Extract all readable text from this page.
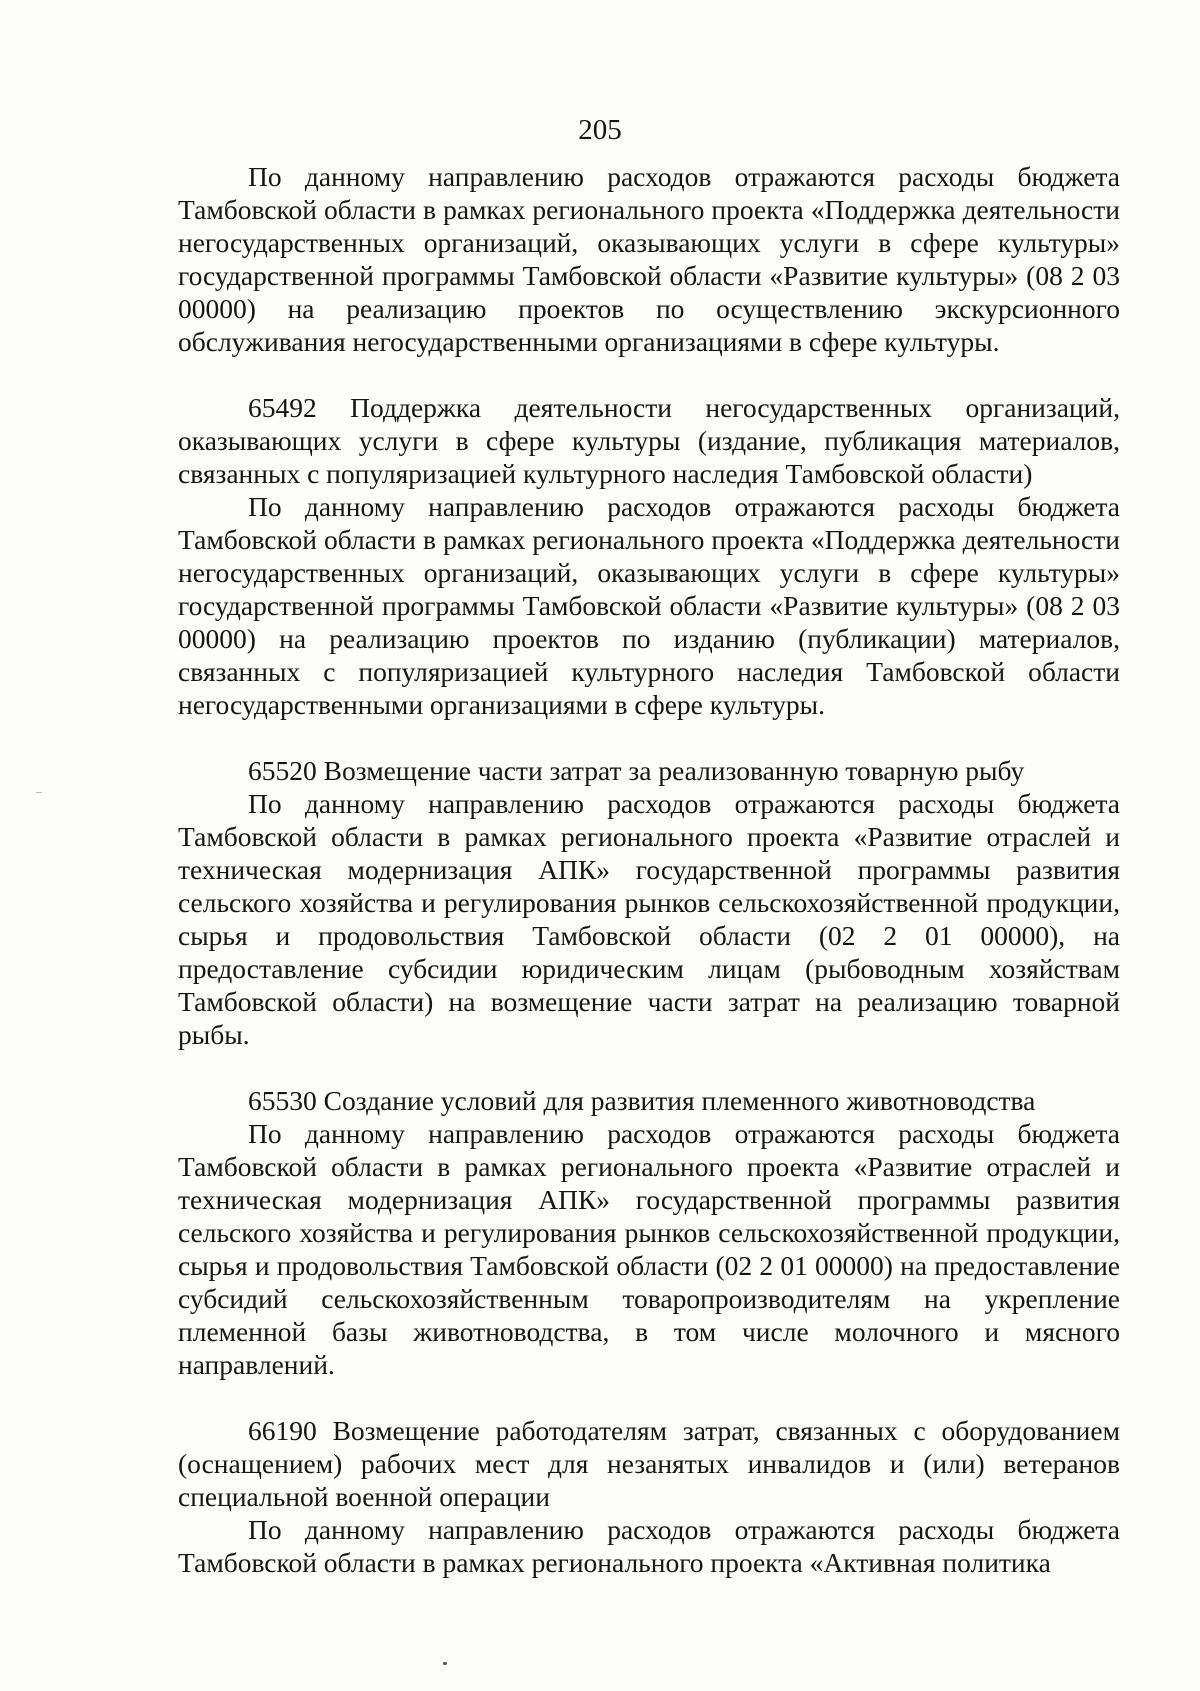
205

По данному направлению расходов отражаются расходы бюджета Тамбовской области в рамках регионального проекта «Поддержка деятельности негосударственных организаций, оказывающих услуги в сфере культуры» государственной программы Тамбовской области «Развитие культуры» (08 2 03 00000) на реализацию проектов по осуществлению экскурсионного обслуживания негосударственными организациями в сфере культуры.

65492 Поддержка деятельности негосударственных организаций, оказывающих услуги в сфере культуры (издание, публикация материалов, связанных с популяризацией культурного наследия Тамбовской области)

По данному направлению расходов отражаются расходы бюджета Тамбовской области в рамках регионального проекта «Поддержка деятельности негосударственных организаций, оказывающих услуги в сфере культуры» государственной программы Тамбовской области «Развитие культуры» (08 2 03 00000) на реализацию проектов по изданию (публикации) материалов, связанных с популяризацией культурного наследия Тамбовской области негосударственными организациями в сфере культуры.

65520 Возмещение части затрат за реализованную товарную рыбу

По данному направлению расходов отражаются расходы бюджета Тамбовской области в рамках регионального проекта «Развитие отраслей и техническая модернизация АПК» государственной программы развития сельского хозяйства и регулирования рынков сельскохозяйственной продукции, сырья и продовольствия Тамбовской области (02 2 01 00000), на предоставление субсидии юридическим лицам (рыбоводным хозяйствам Тамбовской области) на возмещение части затрат на реализацию товарной рыбы.

65530 Создание условий для развития племенного животноводства

По данному направлению расходов отражаются расходы бюджета Тамбовской области в рамках регионального проекта «Развитие отраслей и техническая модернизация АПК» государственной программы развития сельского хозяйства и регулирования рынков сельскохозяйственной продукции, сырья и продовольствия Тамбовской области (02 2 01 00000) на предоставление субсидий сельскохозяйственным товаропроизводителям на укрепление племенной базы животноводства, в том числе молочного и мясного направлений.

66190 Возмещение работодателям затрат, связанных с оборудованием (оснащением) рабочих мест для незанятых инвалидов и (или) ветеранов специальной военной операции

По данному направлению расходов отражаются расходы бюджета Тамбовской области в рамках регионального проекта «Активная политика
